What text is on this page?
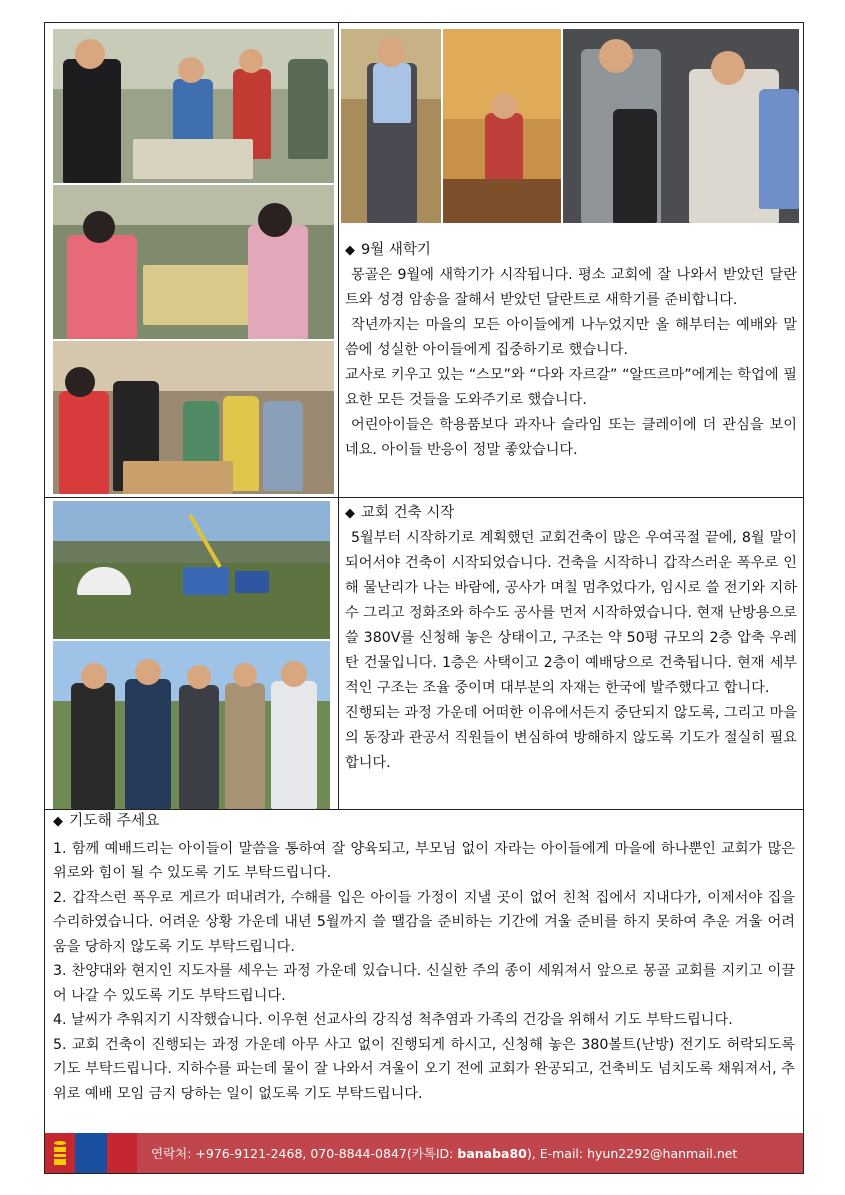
◆ 9월 새학기

몽골은 9월에 새학기가 시작됩니다. 평소 교회에 잘 나와서 받았던 달란트와 성경 암송을 잘해서 받았던 달란트로 새학기를 준비합니다.

작년까지는 마을의 모든 아이들에게 나누었지만 올 해부터는 예배와 말씀에 성실한 아이들에게 집중하기로 했습니다.

교사로 키우고 있는 “스모”와 “다와 자르갈” “알뜨르마”에게는 학업에 필요한 모든 것들을 도와주기로 했습니다.

어린아이들은 학용품보다 과자나 슬라임 또는 클레이에 더 관심을 보이네요. 아이들 반응이 정말 좋았습니다.

◆ 교회 건축 시작

5월부터 시작하기로 계획했던 교회건축이 많은 우여곡절 끝에, 8월 말이 되어서야 건축이 시작되었습니다. 건축을 시작하니 갑작스러운 폭우로 인해 물난리가 나는 바람에, 공사가 며칠 멈추었다가, 임시로 쓸 전기와 지하수 그리고 정화조와 하수도 공사를 먼저 시작하였습니다. 현재 난방용으로 쓸 380V를 신청해 놓은 상태이고, 구조는 약 50평 규모의 2층 압축 우레탄 건물입니다. 1층은 사택이고 2층이 예배당으로 건축됩니다. 현재 세부적인 구조는 조율 중이며 대부분의 자재는 한국에 발주했다고 합니다.

진행되는 과정 가운데 어떠한 이유에서든지 중단되지 않도록, 그리고 마을의 동장과 관공서 직원들이 변심하여 방해하지 않도록 기도가 절실히 필요합니다.

◆ 기도해 주세요

1. 함께 예배드리는 아이들이 말씀을 통하여 잘 양육되고, 부모님 없이 자라는 아이들에게 마을에 하나뿐인 교회가 많은 위로와 힘이 될 수 있도록 기도 부탁드립니다.

2. 갑작스런 폭우로 게르가 떠내려가, 수해를 입은 아이들 가정이 지낼 곳이 없어 친척 집에서 지내다가, 이제서야 집을 수리하였습니다. 어려운 상황 가운데 내년 5월까지 쓸 땔감을 준비하는 기간에 겨울 준비를 하지 못하여 추운 겨울 어려움을 당하지 않도록 기도 부탁드립니다.

3. 찬양대와 현지인 지도자를 세우는 과정 가운데 있습니다. 신실한 주의 종이 세워져서 앞으로 몽골 교회를 지키고 이끌어 나갈 수 있도록 기도 부탁드립니다.

4. 날씨가 추워지기 시작했습니다. 이우현 선교사의 강직성 척추염과 가족의 건강을 위해서 기도 부탁드립니다.

5. 교회 건축이 진행되는 과정 가운데 아무 사고 없이 진행되게 하시고, 신청해 놓은 380볼트(난방) 전기도 허락되도록 기도 부탁드립니다. 지하수를 파는데 물이 잘 나와서 겨울이 오기 전에 교회가 완공되고, 건축비도 넘치도록 채워져서, 추위로 예배 모임 금지 당하는 일이 없도록 기도 부탁드립니다.

연락처: +976-9121-2468, 070-8844-0847(카톡ID: banaba80), E-mail: hyun2292@hanmail.net
